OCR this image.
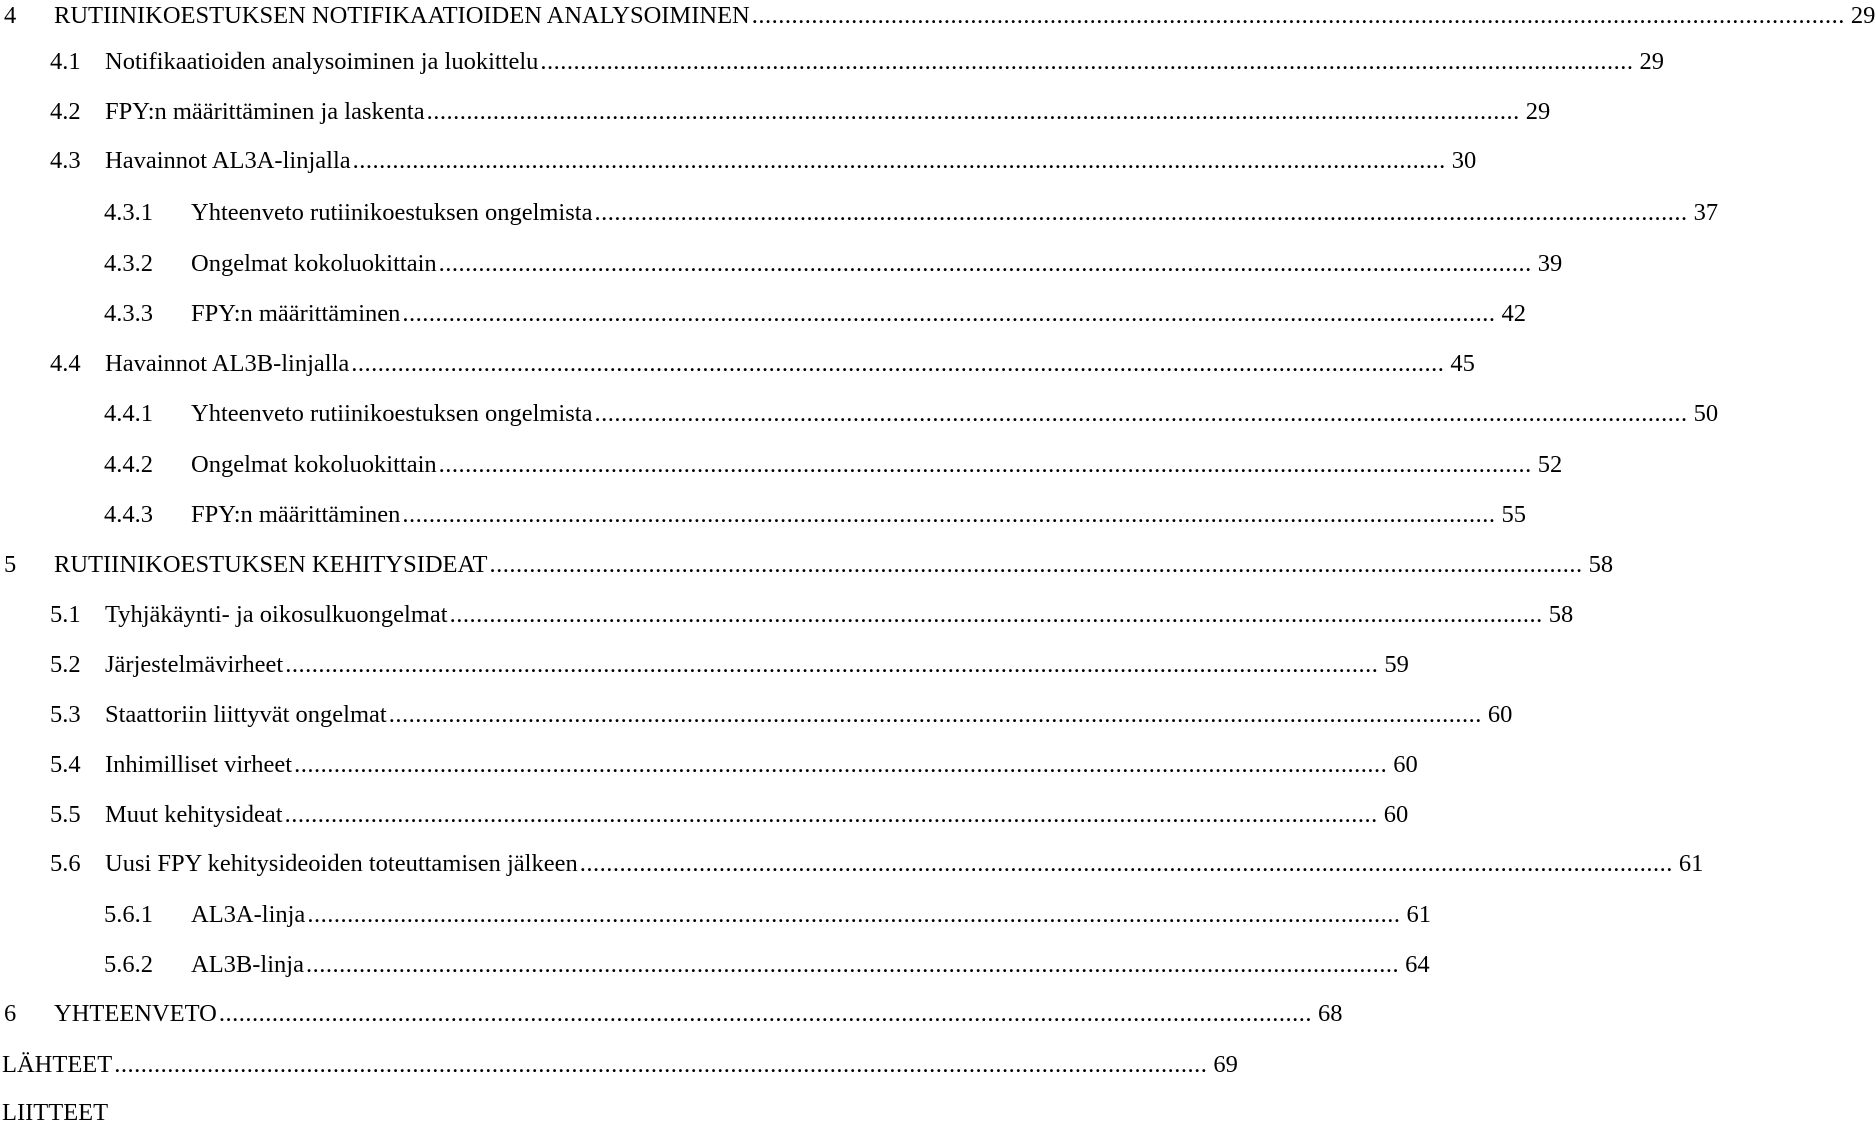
4	RUTIINIKOESTUKSEN NOTIFIKAATIOIDEN ANALYSOIMINEN ..................................................................................................................................................................... 29
4.1 Notifikaatioiden analysoiminen ja luokittelu ..................................................................................................................................................................... 29
4.2 FPY:n määrittäminen ja laskenta ..................................................................................................................................................................... 29
4.3 Havainnot AL3A-linjalla ..................................................................................................................................................................... 30
4.3.1	Yhteenveto rutiinikoestuksen ongelmista ..................................................................................................................................................................... 37
4.3.2	Ongelmat kokoluokittain ..................................................................................................................................................................... 39
4.3.3	FPY:n määrittäminen ..................................................................................................................................................................... 42
4.4 Havainnot AL3B-linjalla ..................................................................................................................................................................... 45
4.4.1	Yhteenveto rutiinikoestuksen ongelmista ..................................................................................................................................................................... 50
4.4.2	Ongelmat kokoluokittain ..................................................................................................................................................................... 52
4.4.3	FPY:n määrittäminen ..................................................................................................................................................................... 55
5	RUTIINIKOESTUKSEN KEHITYSIDEAT ..................................................................................................................................................................... 58
5.1 Tyhjäkäynti- ja oikosulkuongelmat ..................................................................................................................................................................... 58
5.2 Järjestelmävirheet ..................................................................................................................................................................... 59
5.3 Staattoriin liittyvät ongelmat ..................................................................................................................................................................... 60
5.4 Inhimilliset virheet ..................................................................................................................................................................... 60
5.5 Muut kehitysideat ..................................................................................................................................................................... 60
5.6 Uusi FPY kehitysideoiden toteuttamisen jälkeen ..................................................................................................................................................................... 61
5.6.1	AL3A-linja ..................................................................................................................................................................... 61
5.6.2	AL3B-linja ..................................................................................................................................................................... 64
6	YHTEENVETO ..................................................................................................................................................................... 68
LÄHTEET ..................................................................................................................................................................... 69
LIITTEET
